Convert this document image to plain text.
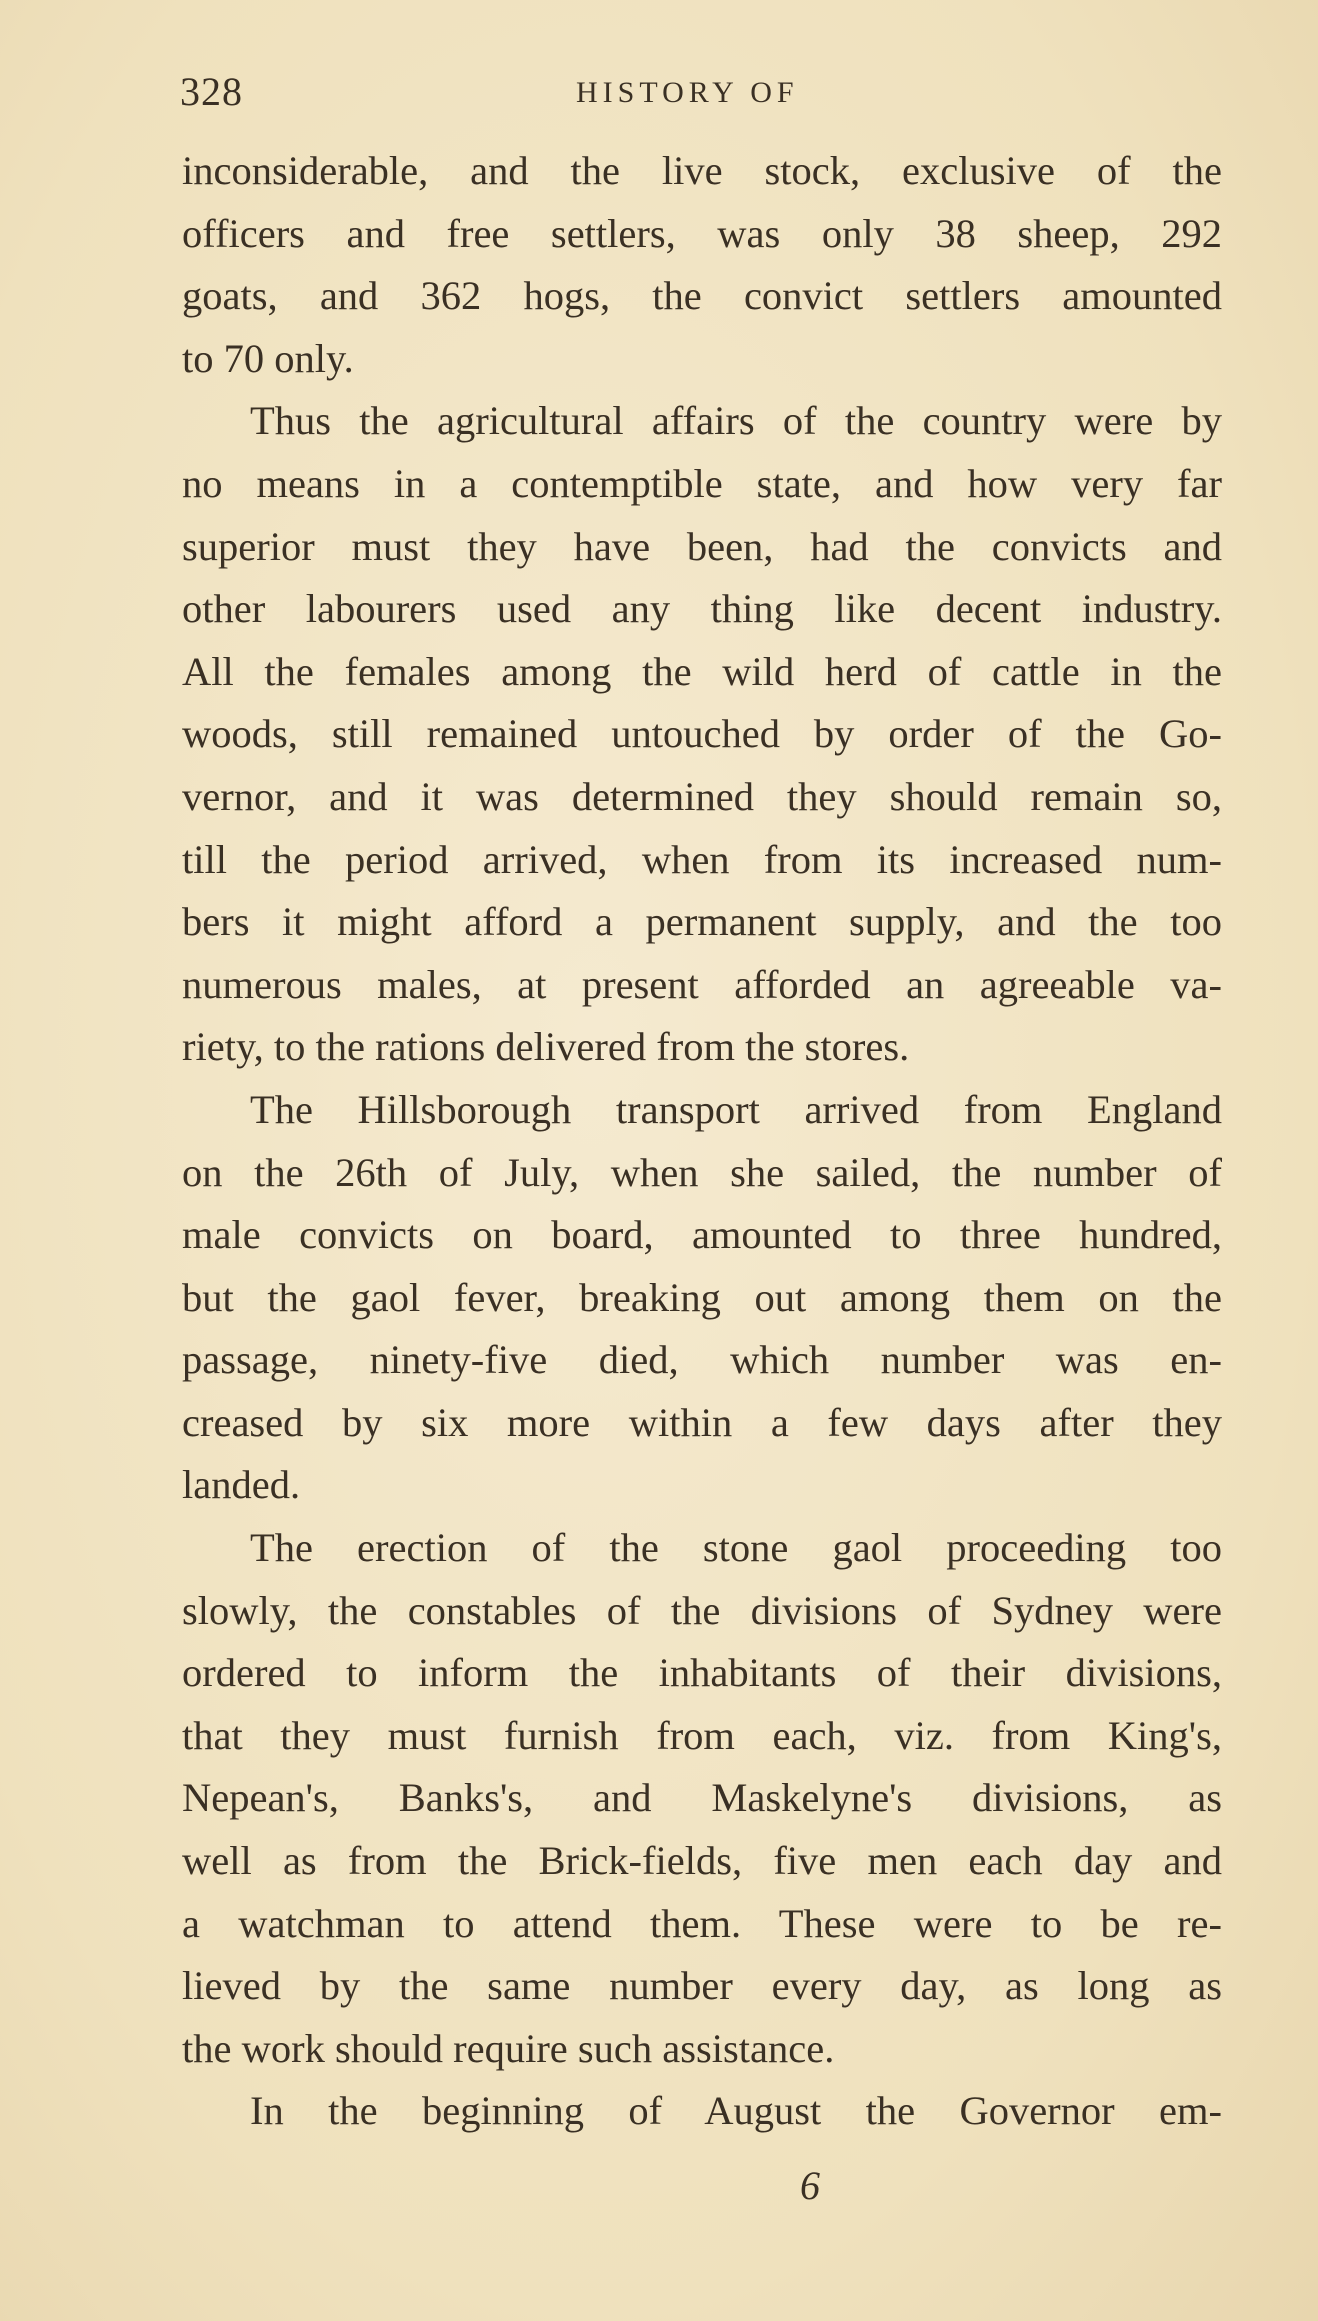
328	HISTORY OF
inconsiderable, and the live stock, exclusive of the
officers and free settlers, was only 38 sheep, 292
goats, and 362 hogs, the convict settlers amounted
to 70 only.
Thus the agricultural affairs of the country were by
no means in a contemptible state, and how very far
superior must they have been, had the convicts and
other labourers used any thing like decent industry.
All the females among the wild herd of cattle in the
woods, still remained untouched by order of the Go-
vernor, and it was determined they should remain so,
till the period arrived, when from its increased num-
bers it might afford a permanent supply, and the too
numerous males, at present afforded an agreeable va-
riety, to the rations delivered from the stores.
The Hillsborough transport arrived from England
on the 26th of July, when she sailed, the number of
male convicts on board, amounted to three hundred,
but the gaol fever, breaking out among them on the
passage, ninety-five died, which number was en-
creased by six more within a few days after they
landed.
The erection of the stone gaol proceeding too
slowly, the constables of the divisions of Sydney were
ordered to inform the inhabitants of their divisions,
that they must furnish from each, viz. from King's,
Nepean's, Banks's, and Maskelyne's divisions, as
well as from the Brick-fields, five men each day and
a watchman to attend them. These were to be re-
lieved by the same number every day, as long as
the work should require such assistance.
In the beginning of August the Governor em-
6
